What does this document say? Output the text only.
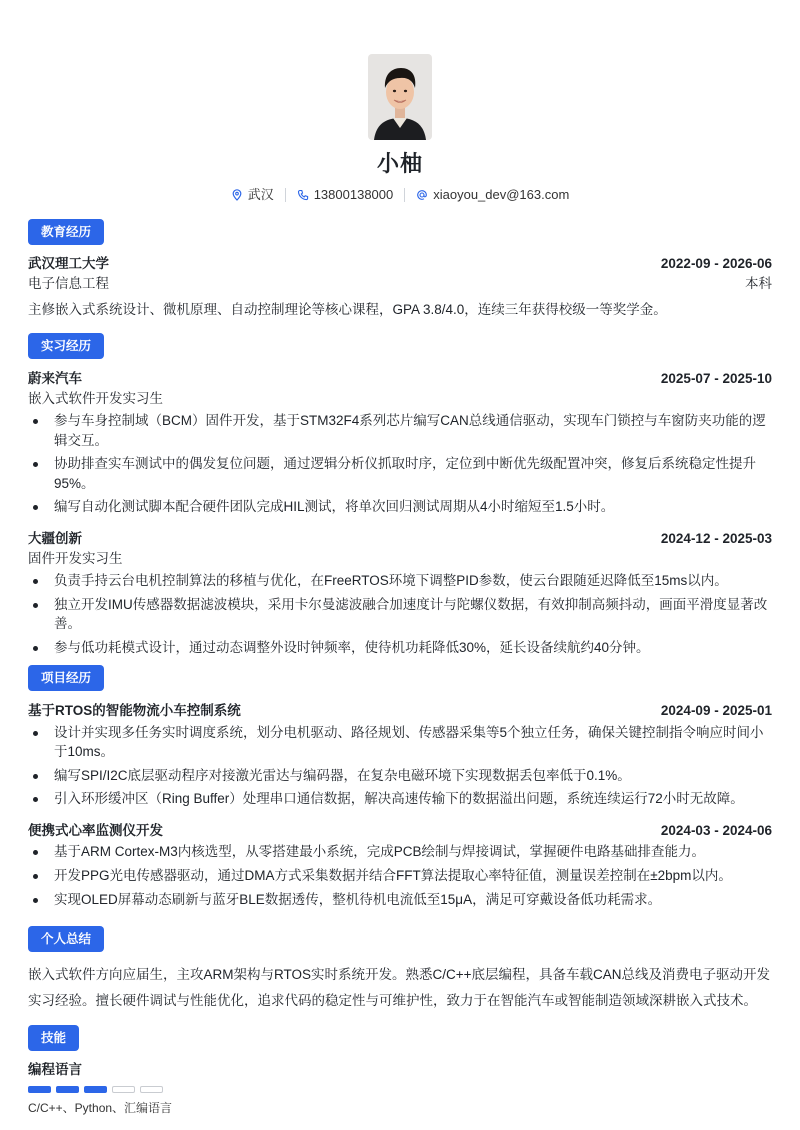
小柚
武汉	13800138000	xiaoyou_dev@163.com
教育经历
武汉理工大学	2022-09 - 2026-06
电子信息工程	本科
主修嵌入式系统设计、微机原理、自动控制理论等核心课程，GPA 3.8/4.0，连续三年获得校级一等奖学金。
实习经历
蔚来汽车	2025-07 - 2025-10
嵌入式软件开发实习生
参与车身控制域（BCM）固件开发，基于STM32F4系列芯片编写CAN总线通信驱动，实现车门锁控与车窗防夹功能的逻辑交互。
协助排查实车测试中的偶发复位问题，通过逻辑分析仪抓取时序，定位到中断优先级配置冲突，修复后系统稳定性提升95%。
编写自动化测试脚本配合硬件团队完成HIL测试，将单次回归测试周期从4小时缩短至1.5小时。
大疆创新	2024-12 - 2025-03
固件开发实习生
负责手持云台电机控制算法的移植与优化，在FreeRTOS环境下调整PID参数，使云台跟随延迟降低至15ms以内。
独立开发IMU传感器数据滤波模块，采用卡尔曼滤波融合加速度计与陀螺仪数据，有效抑制高频抖动，画面平滑度显著改善。
参与低功耗模式设计，通过动态调整外设时钟频率，使待机功耗降低30%，延长设备续航约40分钟。
项目经历
基于RTOS的智能物流小车控制系统	2024-09 - 2025-01
设计并实现多任务实时调度系统，划分电机驱动、路径规划、传感器采集等5个独立任务，确保关键控制指令响应时间小于10ms。
编写SPI/I2C底层驱动程序对接激光雷达与编码器，在复杂电磁环境下实现数据丢包率低于0.1%。
引入环形缓冲区（Ring Buffer）处理串口通信数据，解决高速传输下的数据溢出问题，系统连续运行72小时无故障。
便携式心率监测仪开发	2024-03 - 2024-06
基于ARM Cortex-M3内核选型，从零搭建最小系统，完成PCB绘制与焊接调试，掌握硬件电路基础排查能力。
开发PPG光电传感器驱动，通过DMA方式采集数据并结合FFT算法提取心率特征值，测量误差控制在±2bpm以内。
实现OLED屏幕动态刷新与蓝牙BLE数据透传，整机待机电流低至15μA，满足可穿戴设备低功耗需求。
个人总结
嵌入式软件方向应届生，主攻ARM架构与RTOS实时系统开发。熟悉C/C++底层编程，具备车载CAN总线及消费电子驱动开发实习经验。擅长硬件调试与性能优化，追求代码的稳定性与可维护性，致力于在智能汽车或智能制造领域深耕嵌入式技术。
技能
编程语言
C/C++、Python、汇编语言
